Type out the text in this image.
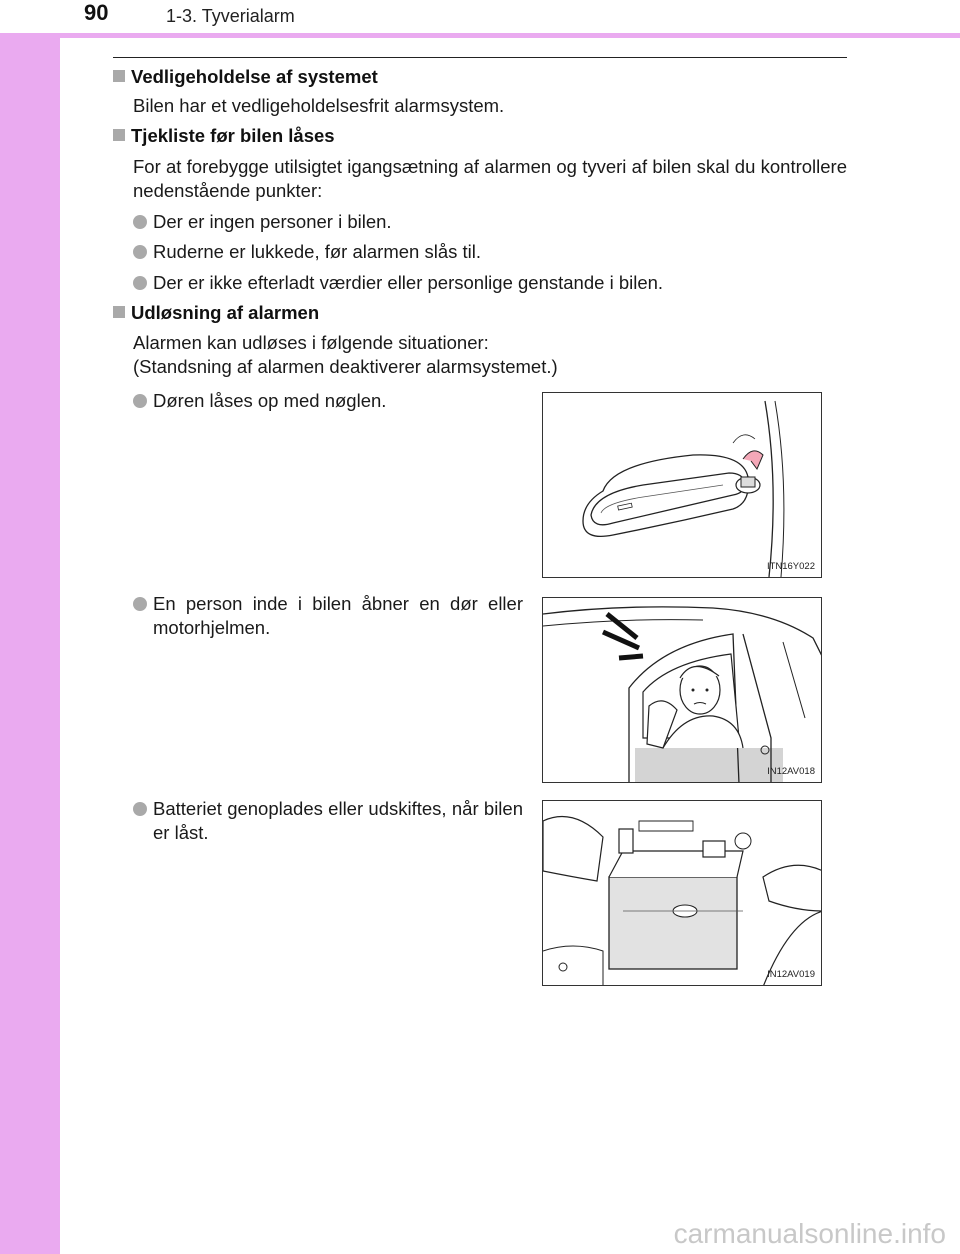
90	1-3. Tyverialarm
Vedligeholdelse af systemet
Bilen har et vedligeholdelsesfrit alarmsystem.
Tjekliste før bilen låses
For at forebygge utilsigtet igangsætning af alarmen og tyveri af bilen skal du kontrollere nedenstående punkter:
Der er ingen personer i bilen.
Ruderne er lukkede, før alarmen slås til.
Der er ikke efterladt værdier eller personlige genstande i bilen.
Udløsning af alarmen
Alarmen kan udløses i følgende situationer:
(Standsning af alarmen deaktiverer alarmsystemet.)
Døren låses op med nøglen.
En person inde i bilen åbner en dør eller motorhjelmen.
Batteriet genoplades eller udskiftes, når bilen er låst.
ITN16Y022
IN12AV018
IN12AV019
carmanualsonline.info
